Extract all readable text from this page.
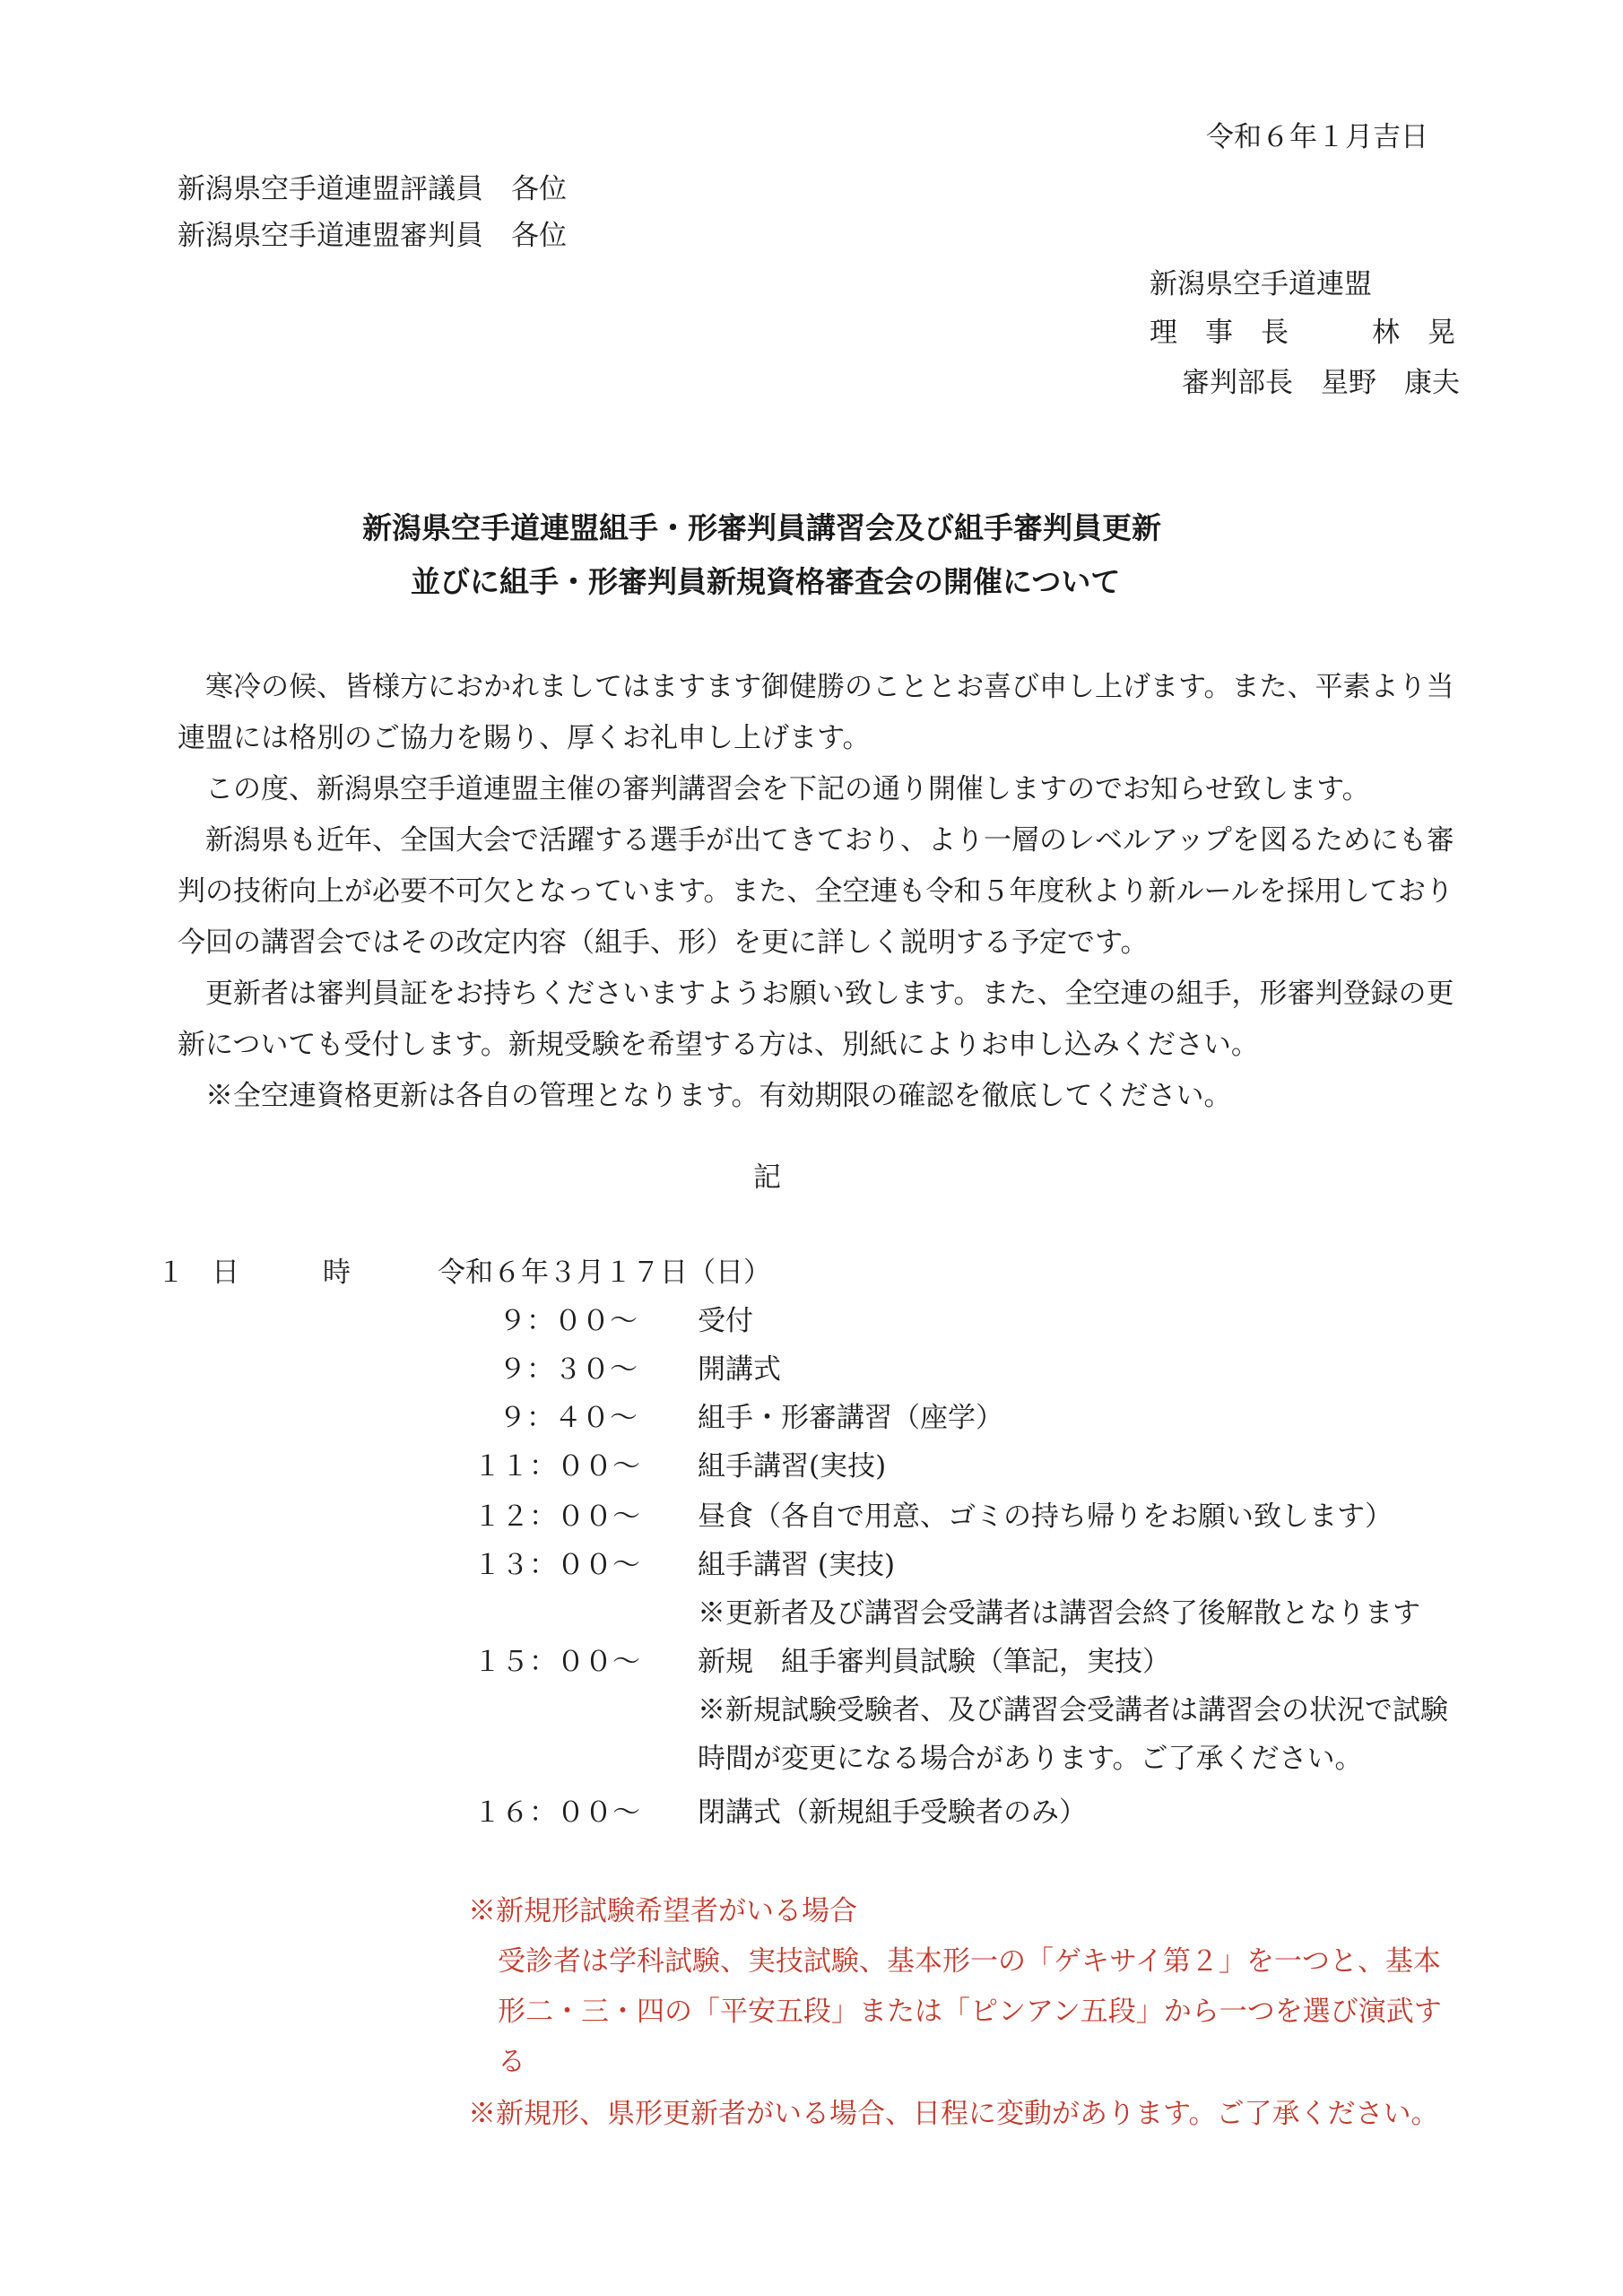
令和６年１月吉日
新潟県空手道連盟評議員　各位
新潟県空手道連盟審判員　各位
新潟県空手道連盟
理　事　長　　　林　晃
審判部長　星野　康夫
新潟県空手道連盟組手・形審判員講習会及び組手審判員更新
並びに組手・形審判員新規資格審査会の開催について
　寒冷の候、皆様方におかれましてはますます御健勝のこととお喜び申し上げます。また、平素より当
連盟には格別のご協力を賜り、厚くお礼申し上げます。
　この度、新潟県空手道連盟主催の審判講習会を下記の通り開催しますのでお知らせ致します。
　新潟県も近年、全国大会で活躍する選手が出てきており、より一層のレベルアップを図るためにも審
判の技術向上が必要不可欠となっています。また、全空連も令和５年度秋より新ルールを採用しており
今回の講習会ではその改定内容（組手、形）を更に詳しく説明する予定です。
　更新者は審判員証をお持ちくださいますようお願い致します。また、全空連の組手，形審判登録の更
新についても受付します。新規受験を希望する方は、別紙によりお申し込みください。
　※全空連資格更新は各自の管理となります。有効期限の確認を徹底してください。
記
１ 日	時	令和６年３月１７日（日）
９：００～ 受付
９：３０～ 開講式
９：４０～ 組手・形審講習（座学）
１１：００～ 組手講習(実技)
１２：００～ 昼食（各自で用意、ゴミの持ち帰りをお願い致します）
１３：００～ 組手講習 (実技)
※更新者及び講習会受講者は講習会終了後解散となります
１５：００～ 新規　組手審判員試験（筆記，実技）
※新規試験受験者、及び講習会受講者は講習会の状況で試験
時間が変更になる場合があります。ご了承ください。
１６：００～ 閉講式（新規組手受験者のみ）
※新規形試験希望者がいる場合
受診者は学科試験、実技試験、基本形一の「ゲキサイ第２」を一つと、基本
形二・三・四の「平安五段」または「ピンアン五段」から一つを選び演武す
る
※新規形、県形更新者がいる場合、日程に変動があります。ご了承ください。
